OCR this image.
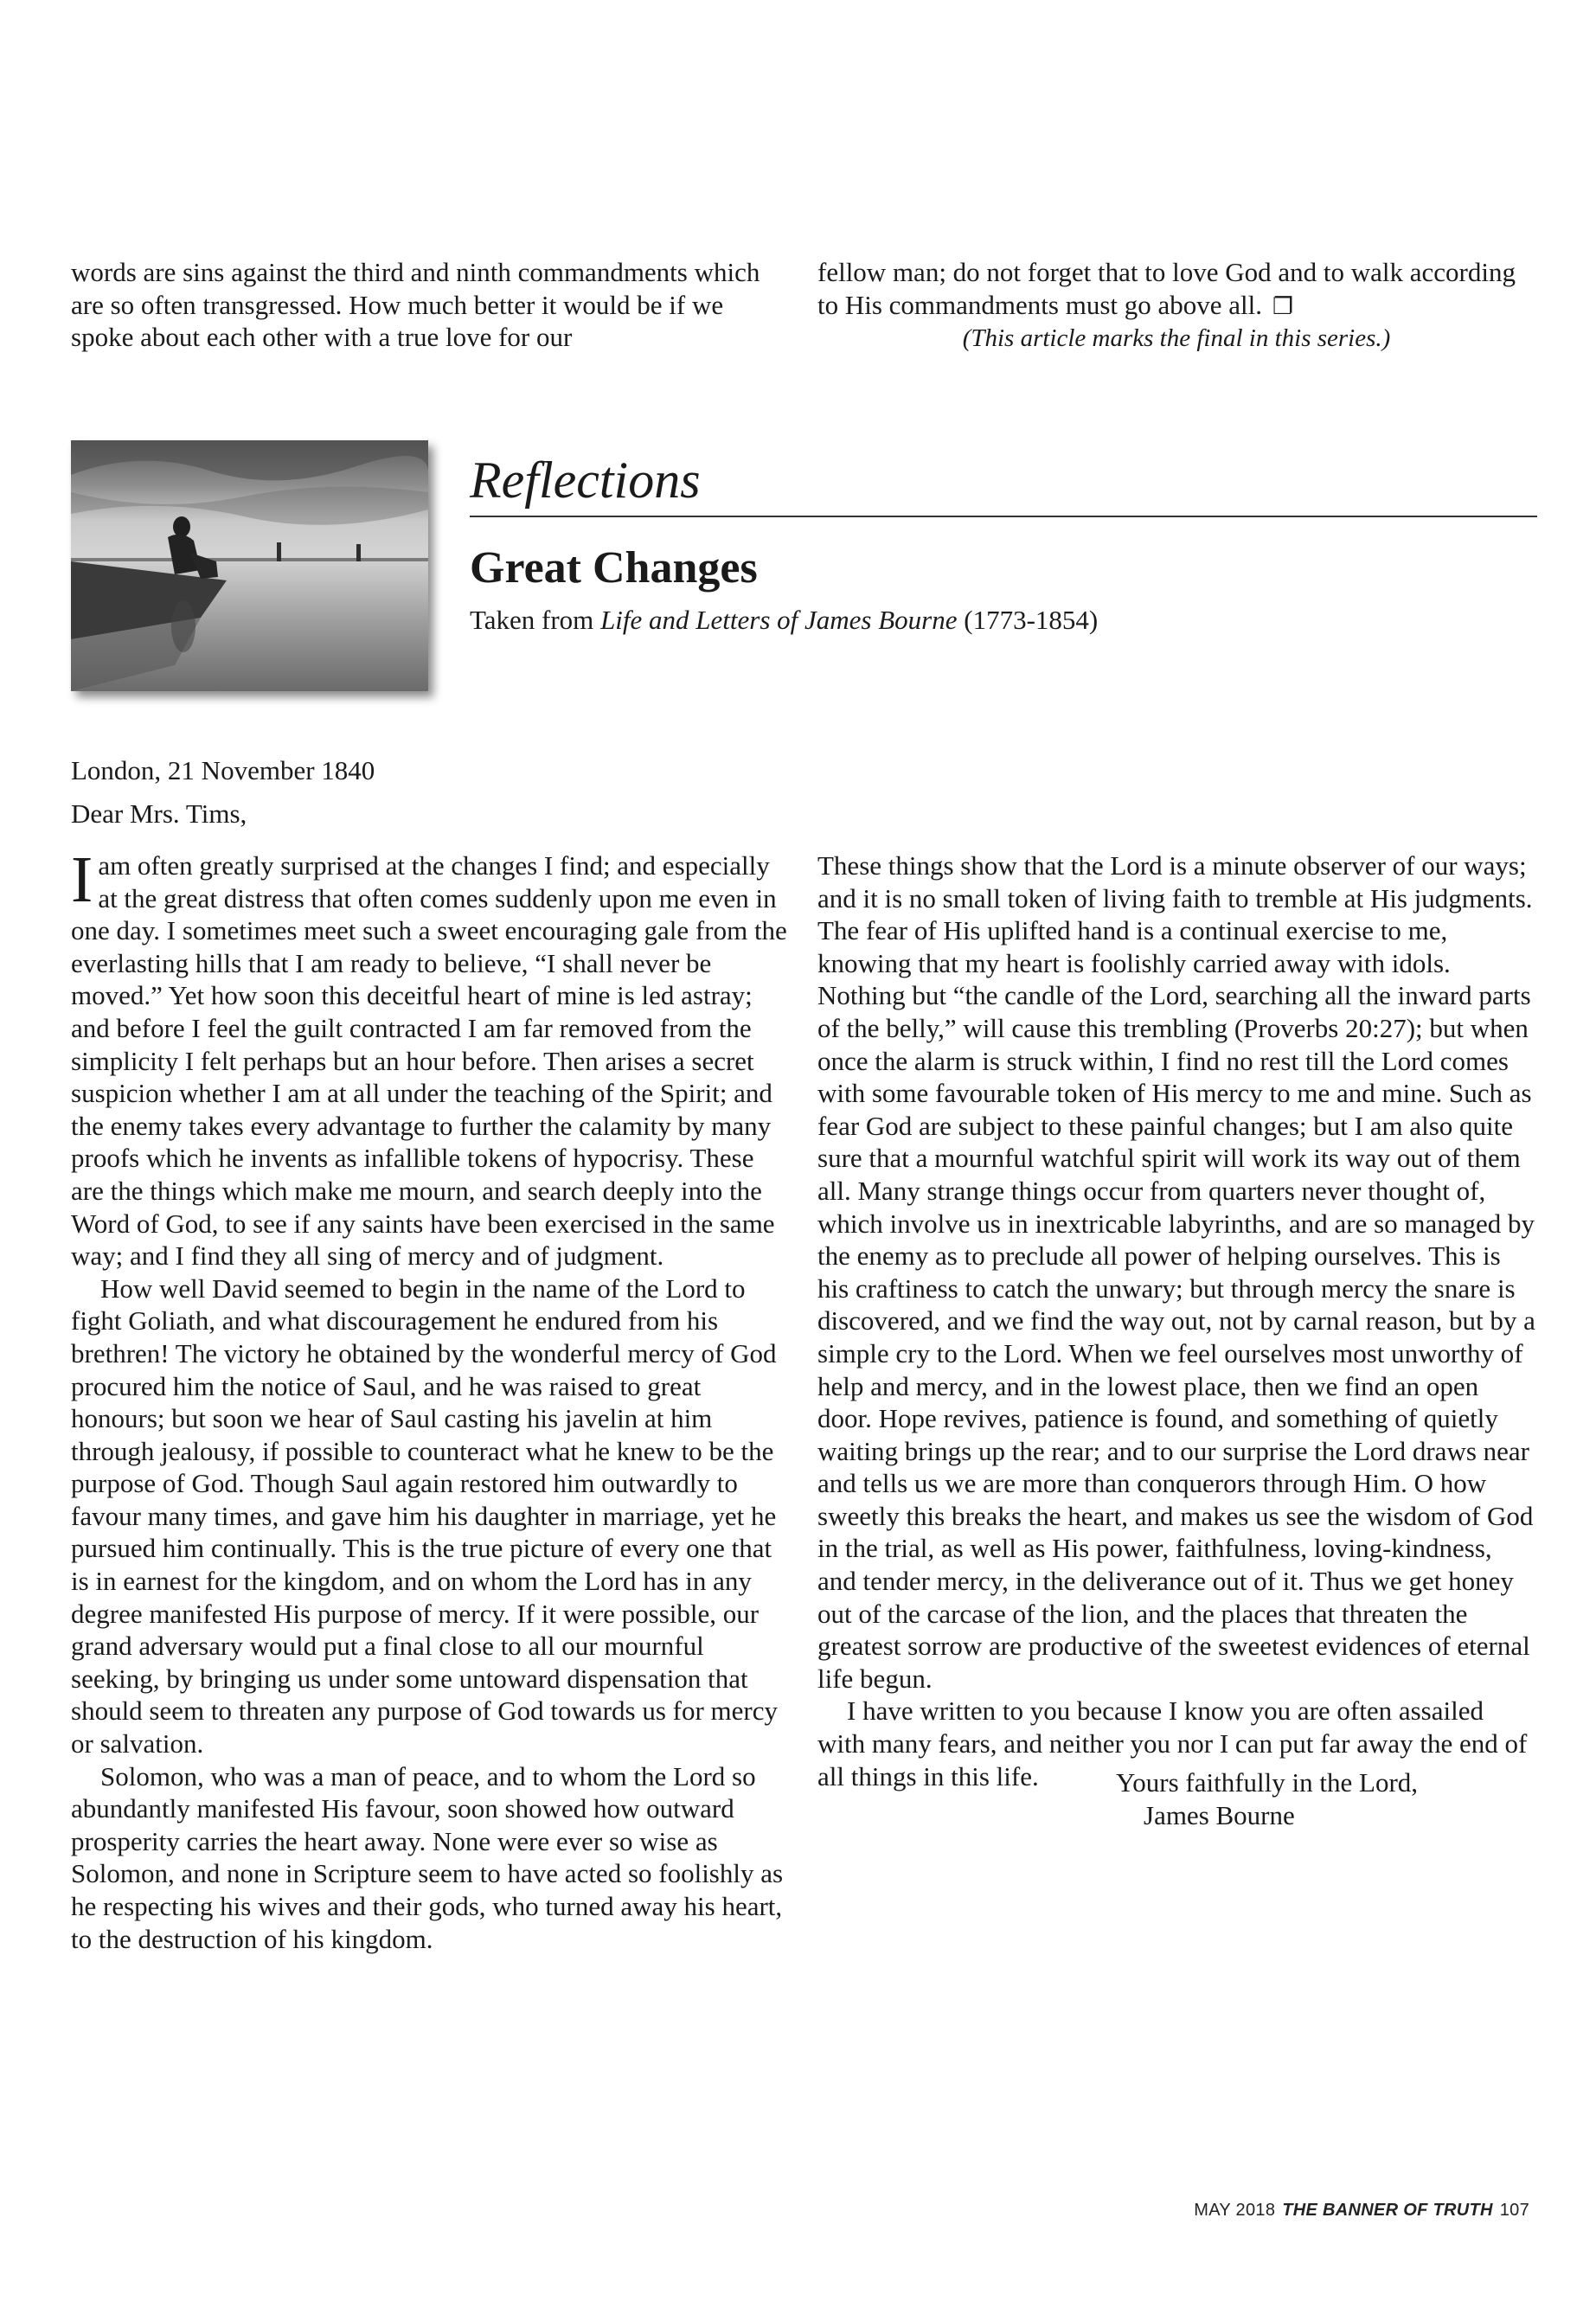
words are sins against the third and ninth commandments which are so often transgressed. How much better it would be if we spoke about each other with a true love for our

fellow man; do not forget that to love God and to walk according to His commandments must go above all. ❐

(This article marks the final in this series.)

Reflections
Great Changes
Taken from Life and Letters of James Bourne (1773-1854)
London, 21 November 1840
Dear Mrs. Tims,

Iam often greatly surprised at the changes I find; and especially at the great distress that often comes suddenly upon me even in one day. I sometimes meet such a sweet encouraging gale from the everlasting hills that I am ready to believe, “I shall never be moved.” Yet how soon this deceitful heart of mine is led astray; and before I feel the guilt contracted I am far removed from the simplicity I felt perhaps but an hour before. Then arises a secret suspicion whether I am at all under the teaching of the Spirit; and the enemy takes every advantage to further the calamity by many proofs which he invents as infallible tokens of hypocrisy. These are the things which make me mourn, and search deeply into the Word of God, to see if any saints have been exercised in the same way; and I find they all sing of mercy and of judgment.

How well David seemed to begin in the name of the Lord to fight Goliath, and what discouragement he endured from his brethren! The victory he obtained by the wonderful mercy of God procured him the notice of Saul, and he was raised to great honours; but soon we hear of Saul casting his javelin at him through jealousy, if possible to counteract what he knew to be the purpose of God. Though Saul again restored him outwardly to favour many times, and gave him his daughter in marriage, yet he pursued him continually. This is the true picture of every one that is in earnest for the kingdom, and on whom the Lord has in any degree manifested His purpose of mercy. If it were possible, our grand adversary would put a final close to all our mournful seeking, by bringing us under some untoward dispensation that should seem to threaten any purpose of God towards us for mercy or salvation.

Solomon, who was a man of peace, and to whom the Lord so abundantly manifested His favour, soon showed how outward prosperity carries the heart away. None were ever so wise as Solomon, and none in Scripture seem to have acted so foolishly as he respecting his wives and their gods, who turned away his heart, to the destruction of his kingdom.

These things show that the Lord is a minute observer of our ways; and it is no small token of living faith to tremble at His judgments. The fear of His uplifted hand is a continual exercise to me, knowing that my heart is foolishly carried away with idols. Nothing but “the candle of the Lord, searching all the inward parts of the belly,” will cause this trembling (Proverbs 20:27); but when once the alarm is struck within, I find no rest till the Lord comes with some favourable token of His mercy to me and mine. Such as fear God are subject to these painful changes; but I am also quite sure that a mournful watchful spirit will work its way out of them all. Many strange things occur from quarters never thought of, which involve us in inextricable labyrinths, and are so managed by the enemy as to preclude all power of helping ourselves. This is his craftiness to catch the unwary; but through mercy the snare is discovered, and we find the way out, not by carnal reason, but by a simple cry to the Lord. When we feel ourselves most unworthy of help and mercy, and in the lowest place, then we find an open door. Hope revives, patience is found, and something of quietly waiting brings up the rear; and to our surprise the Lord draws near and tells us we are more than conquerors through Him. O how sweetly this breaks the heart, and makes us see the wisdom of God in the trial, as well as His power, faithfulness, loving-kindness, and tender mercy, in the deliverance out of it. Thus we get honey out of the carcase of the lion, and the places that threaten the greatest sorrow are productive of the sweetest evidences of eternal life begun.

I have written to you because I know you are often assailed with many fears, and neither you nor I can put far away the end of all things in this life.	Yours faithfully in the Lord,
James Bourne
MAY 2018 THE BANNER OF TRUTH 107
